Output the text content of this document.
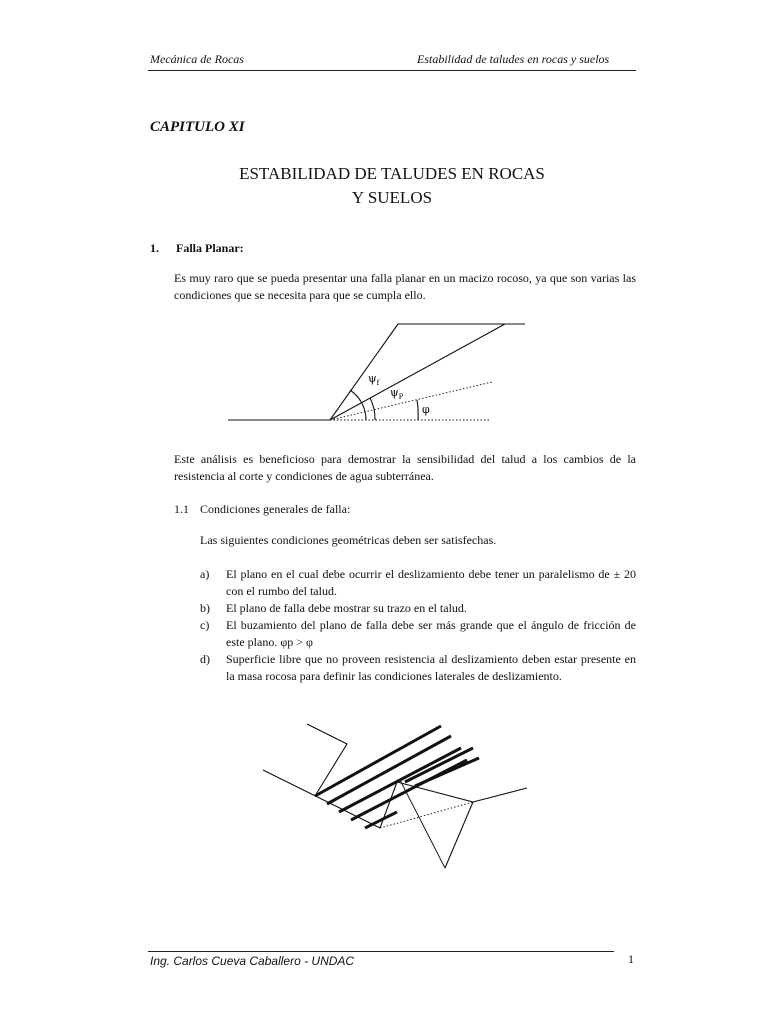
Mecánica de Rocas	Estabilidad de taludes en rocas y suelos
CAPITULO XI
ESTABILIDAD DE TALUDES EN ROCAS
Y SUELOS
1. Falla Planar:
Es muy raro que se pueda presentar una falla planar en un macizo rocoso, ya que son varias las condiciones que se necesita para que se cumpla ello.
$\psi_f$
$\psi_P$
φ
Este análisis es beneficioso para demostrar la sensibilidad del talud a los cambios de la resistencia al corte y condiciones de agua subterránea.
1.1 Condiciones generales de falla:
Las siguientes condiciones geométricas deben ser satisfechas.
a) El plano en el cual debe ocurrir el deslizamiento debe tener un paralelismo de ± 20 con el rumbo del talud.
b) El plano de falla debe mostrar su trazo en el talud.
c) El buzamiento del plano de falla debe ser más grande que el ángulo de fricción de este plano. φp > φ
d) Superficie libre que no proveen resistencia al deslizamiento deben estar presente en la masa rocosa para definir las condiciones laterales de deslizamiento.
Ing. Carlos Cueva Caballero - UNDAC	1
